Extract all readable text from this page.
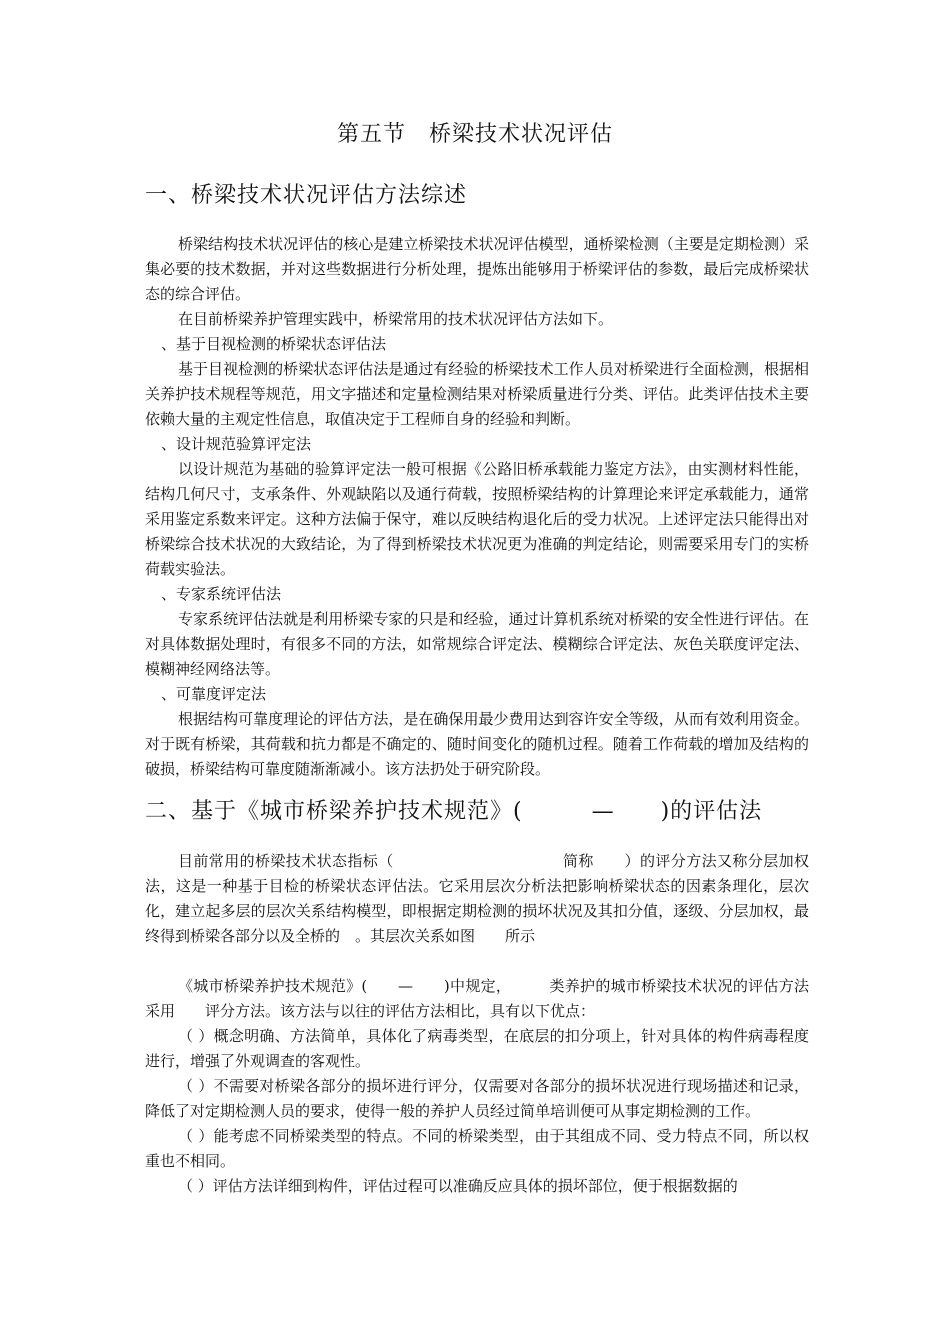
第五节　桥梁技术状况评估
一、桥梁技术状况评估方法综述

桥梁结构技术状况评估的核心是建立桥梁技术状况评估模型，通桥梁检测（主要是定期检测）采集必要的技术数据，并对这些数据进行分析处理，提炼出能够用于桥梁评估的参数，最后完成桥梁状态的综合评估。

在目前桥梁养护管理实践中，桥梁常用的技术状况评估方法如下。

、基于目视检测的桥梁状态评估法

基于目视检测的桥梁状态评估法是通过有经验的桥梁技术工作人员对桥梁进行全面检测，根据相关养护技术规程等规范，用文字描述和定量检测结果对桥梁质量进行分类、评估。此类评估技术主要依赖大量的主观定性信息，取值决定于工程师自身的经验和判断。

、设计规范验算评定法

以设计规范为基础的验算评定法一般可根据《公路旧桥承载能力鉴定方法》，由实测材料性能，结构几何尺寸，支承条件、外观缺陷以及通行荷载，按照桥梁结构的计算理论来评定承载能力，通常采用鉴定系数来评定。这种方法偏于保守，难以反映结构退化后的受力状况。上述评定法只能得出对桥梁综合技术状况的大致结论，为了得到桥梁技术状况更为准确的判定结论，则需要采用专门的实桥荷载实验法。

、专家系统评估法

专家系统评估法就是利用桥梁专家的只是和经验，通过计算机系统对桥梁的安全性进行评估。在对具体数据处理时，有很多不同的方法，如常规综合评定法、模糊综合评定法、灰色关联度评定法、模糊神经网络法等。

、可靠度评定法

根据结构可靠度理论的评估方法，是在确保用最少费用达到容许安全等级，从而有效利用资金。对于既有桥梁，其荷载和抗力都是不确定的、随时间变化的随机过程。随着工作荷载的增加及结构的破损，桥梁结构可靠度随渐渐减小。该方法扔处于研究阶段。

二、基于《城市桥梁养护技术规范》(　　　—　　)的评估法

目前常用的桥梁技术状态指标（　　　　　　　　　　　简称　　）的评分方法又称分层加权法，这是一种基于目检的桥梁状态评估法。它采用层次分析法把影响桥梁状态的因素条理化，层次化，建立起多层的层次关系结构模型，即根据定期检测的损坏状况及其扣分值，逐级、分层加权，最终得到桥梁各部分以及全桥的　。其层次关系如图　　所示

《城市桥梁养护技术规范》(　　—　　)中规定，　　　类养护的城市桥梁技术状况的评估方法采用　　评分方法。该方法与以往的评估方法相比，具有以下优点：

（ ）概念明确、方法简单，具体化了病毒类型，在底层的扣分项上，针对具体的构件病毒程度进行，增强了外观调查的客观性。

（ ）不需要对桥梁各部分的损坏进行评分，仅需要对各部分的损坏状况进行现场描述和记录，降低了对定期检测人员的要求，使得一般的养护人员经过简单培训便可从事定期检测的工作。

（ ）能考虑不同桥梁类型的特点。不同的桥梁类型，由于其组成不同、受力特点不同，所以权重也不相同。

（ ）评估方法详细到构件，评估过程可以准确反应具体的损坏部位，便于根据数据的
